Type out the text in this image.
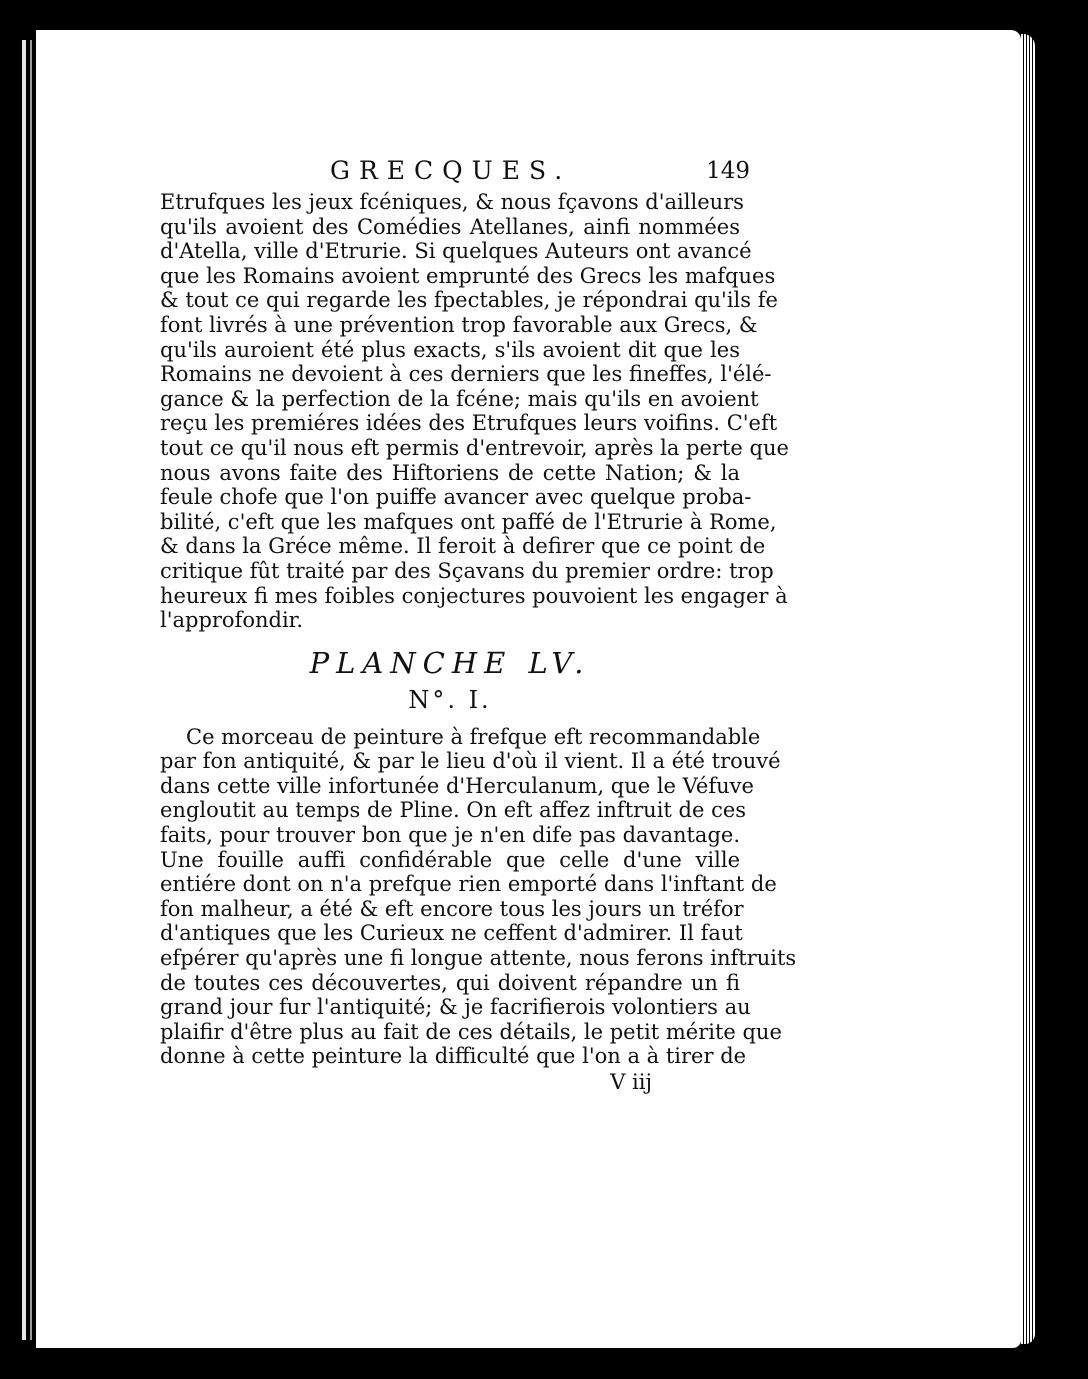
GRECQUES.	149
Etrufques les jeux fcéniques, & nous fçavons d'ailleurs
qu'ils avoient des Comédies Atellanes, ainfi nommées
d'Atella, ville d'Etrurie. Si quelques Auteurs ont avancé
que les Romains avoient emprunté des Grecs les mafques
& tout ce qui regarde les fpectables, je répondrai qu'ils fe
font livrés à une prévention trop favorable aux Grecs, &
qu'ils auroient été plus exacts, s'ils avoient dit que les
Romains ne devoient à ces derniers que les fineffes, l'élé-
gance & la perfection de la fcéne; mais qu'ils en avoient
reçu les premiéres idées des Etrufques leurs voifins. C'eft
tout ce qu'il nous eft permis d'entrevoir, après la perte que
nous avons faite des Hiftoriens de cette Nation; & la
feule chofe que l'on puiffe avancer avec quelque proba-
bilité, c'eft que les mafques ont paffé de l'Etrurie à Rome,
& dans la Gréce même. Il feroit à defirer que ce point de
critique fût traité par des Sçavans du premier ordre: trop
heureux fi mes foibles conjectures pouvoient les engager à
l'approfondir.
PLANCHE LV.
N°. I.
Ce morceau de peinture à frefque eft recommandable
par fon antiquité, & par le lieu d'où il vient. Il a été trouvé
dans cette ville infortunée d'Herculanum, que le Véfuve
engloutit au temps de Pline. On eft affez inftruit de ces
faits, pour trouver bon que je n'en dife pas davantage.
Une fouille auffi confidérable que celle d'une ville
entiére dont on n'a prefque rien emporté dans l'inftant de
fon malheur, a été & eft encore tous les jours un tréfor
d'antiques que les Curieux ne ceffent d'admirer. Il faut
efpérer qu'après une fi longue attente, nous ferons inftruits
de toutes ces découvertes, qui doivent répandre un fi
grand jour fur l'antiquité; & je facrifierois volontiers au
plaifir d'être plus au fait de ces détails, le petit mérite que
donne à cette peinture la difficulté que l'on a à tirer de
V iij
